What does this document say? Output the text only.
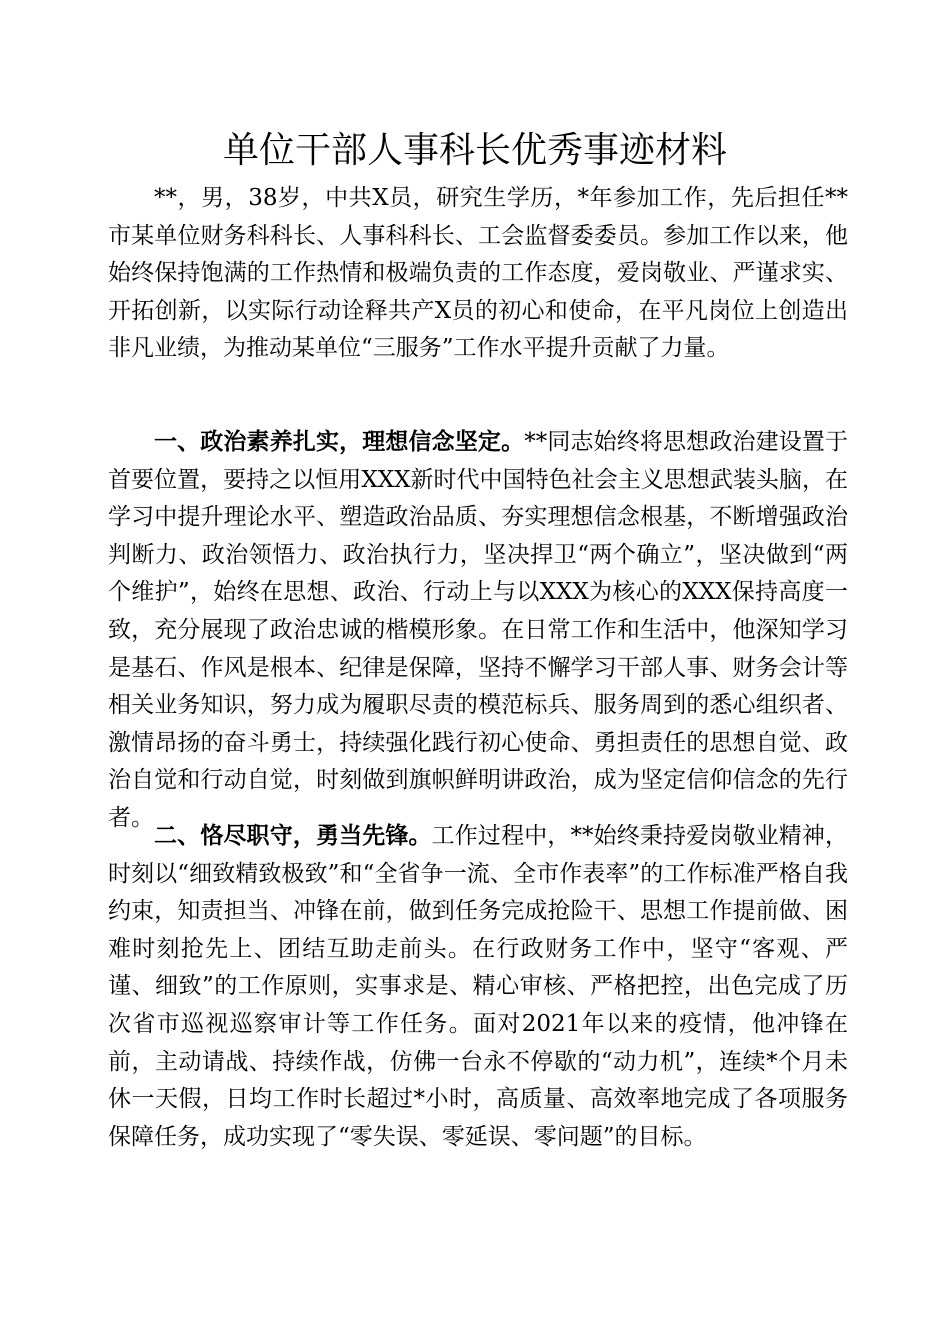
单位干部人事科长优秀事迹材料

**，男，38岁，中共X员，研究生学历，*年参加工作，先后担任**市某单位财务科科长、人事科科长、工会监督委委员。参加工作以来，他始终保持饱满的工作热情和极端负责的工作态度，爱岗敬业、严谨求实、开拓创新，以实际行动诠释共产X员的初心和使命，在平凡岗位上创造出非凡业绩，为推动某单位“三服务”工作水平提升贡献了力量。

一、政治素养扎实，理想信念坚定。**同志始终将思想政治建设置于首要位置，要持之以恒用XXX新时代中国特色社会主义思想武装头脑，在学习中提升理论水平、塑造政治品质、夯实理想信念根基，不断增强政治判断力、政治领悟力、政治执行力，坚决捍卫“两个确立”，坚决做到“两个维护”，始终在思想、政治、行动上与以XXX为核心的XXX保持高度一致，充分展现了政治忠诚的楷模形象。在日常工作和生活中，他深知学习是基石、作风是根本、纪律是保障，坚持不懈学习干部人事、财务会计等相关业务知识，努力成为履职尽责的模范标兵、服务周到的悉心组织者、激情昂扬的奋斗勇士，持续强化践行初心使命、勇担责任的思想自觉、政治自觉和行动自觉，时刻做到旗帜鲜明讲政治，成为坚定信仰信念的先行者。

二、恪尽职守，勇当先锋。工作过程中，**始终秉持爱岗敬业精神，时刻以“细致精致极致”和“全省争一流、全市作表率”的工作标准严格自我约束，知责担当、冲锋在前，做到任务完成抢险干、思想工作提前做、困难时刻抢先上、团结互助走前头。在行政财务工作中，坚守“客观、严谨、细致”的工作原则，实事求是、精心审核、严格把控，出色完成了历次省市巡视巡察审计等工作任务。面对2021年以来的疫情，他冲锋在前，主动请战、持续作战，仿佛一台永不停歇的“动力机”，连续*个月未休一天假，日均工作时长超过*小时，高质量、高效率地完成了各项服务保障任务，成功实现了“零失误、零延误、零问题”的目标。
